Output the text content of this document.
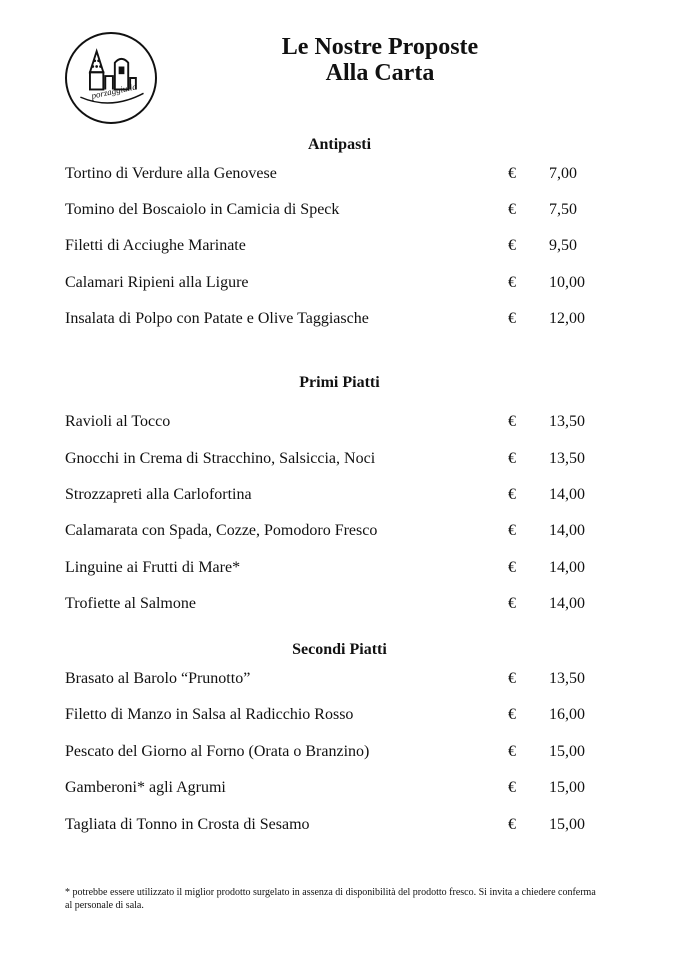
porzaggiulla
Le Nostre Proposte
Alla Carta
Antipasti
Tortino di Verdure alla Genovese	€ 7,00
Tomino del Boscaiolo in Camicia di Speck	€ 7,50
Filetti di Acciughe Marinate	€ 9,50
Calamari Ripieni alla Ligure	€ 10,00
Insalata di Polpo con Patate e Olive Taggiasche	€ 12,00
Primi Piatti
Ravioli al Tocco	€ 13,50
Gnocchi in Crema di Stracchino, Salsiccia, Noci	€ 13,50
Strozzapreti alla Carlofortina	€ 14,00
Calamarata con Spada, Cozze, Pomodoro Fresco	€ 14,00
Linguine ai Frutti di Mare*	€ 14,00
Trofiette al Salmone	€ 14,00
Secondi Piatti
Brasato al Barolo “Prunotto”	€ 13,50
Filetto di Manzo in Salsa al Radicchio Rosso	€ 16,00
Pescato del Giorno al Forno (Orata o Branzino)	€ 15,00
Gamberoni* agli Agrumi	€ 15,00
Tagliata di Tonno in Crosta di Sesamo	€ 15,00
* potrebbe essere utilizzato il miglior prodotto surgelato in assenza di disponibilità del prodotto fresco. Si invita a chiedere conferma al personale di sala.
